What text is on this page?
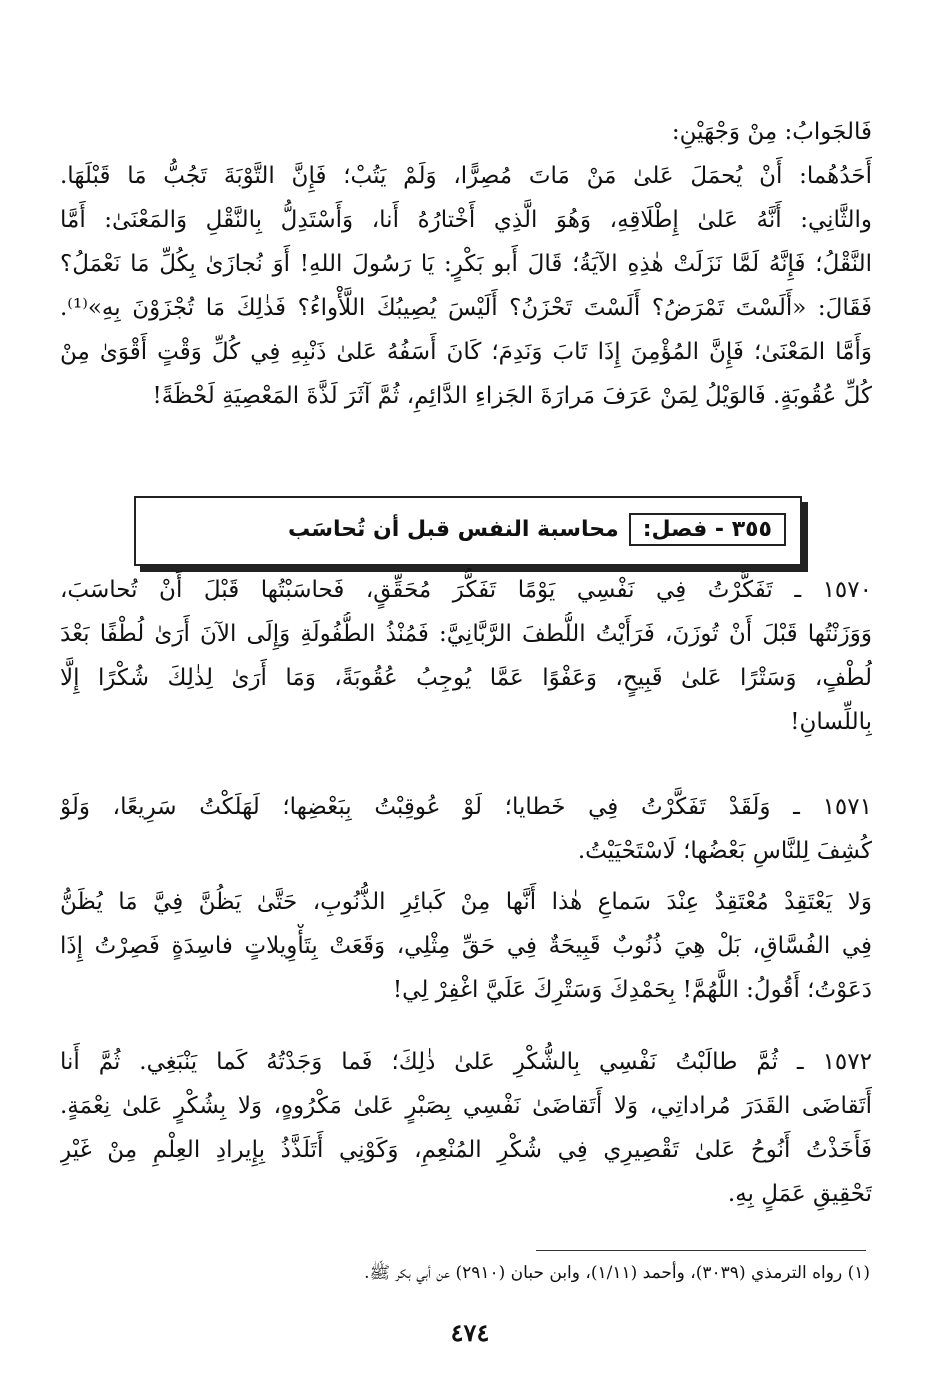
فَالجَوابُ: مِنْ وَجْهَيْنِ:
أَحَدُهُما: أَنْ يُحمَلَ عَلىٰ مَنْ مَاتَ مُصِرًّا، وَلَمْ يَتُبْ؛ فَإِنَّ التَّوْبَةَ تَجُبُّ مَا قَبْلَهَا.
والثَّانِي: أَنَّهُ عَلىٰ إِطْلَاقِهِ، وَهُوَ الَّذِي أَخْتارُهُ أَنا، وَأَسْتَدِلُّ بِالنَّقْلِ وَالمَعْنَىٰ: أَمَّا
النَّقْلُ؛ فَإِنَّهُ لَمَّا نَزَلَتْ هٰذِهِ الآيَةُ؛ قَالَ أَبو بَكْرٍ: يَا رَسُولَ اللهِ! أَوَ نُجازَىٰ بِكُلِّ مَا نَعْمَلُ؟
فَقَالَ: «أَلَسْتَ تَمْرَضُ؟ أَلَسْتَ تَحْزَنُ؟ أَلَيْسَ يُصِيبُكَ اللَّأْواءُ؟ فَذٰلِكَ مَا تُجْزَوْنَ بِهِ»⁽¹⁾.
وَأَمَّا المَعْنَىٰ؛ فَإِنَّ المُؤْمِنَ إِذَا تَابَ وَنَدِمَ؛ كَانَ أَسَفُهُ عَلىٰ ذَنْبِهِ فِي كُلِّ وَقْتٍ أَقْوَىٰ مِنْ
كُلِّ عُقُوبَةٍ. فَالوَيْلُ لِمَنْ عَرَفَ مَرارَةَ الجَزاءِ الدَّائِمِ، ثُمَّ آثَرَ لَذَّةَ المَعْصِيَةِ لَحْظَةً!
محاسبة النفس قبل أن تُحاسَب	٣٥٥ - فصل:
١٥٧٠ ـ تَفَكَّرْتُ فِي نَفْسِي يَوْمًا تَفَكُّرَ مُحَقِّقٍ، فَحاسَبْتُها قَبْلَ أَنْ تُحاسَبَ،
وَوَزَنْتُها قَبْلَ أَنْ تُوزَنَ، فَرَأَيْتُ اللُّطفَ الرَّبَّانِيَّ: فَمُنْذُ الطُّفُولَةِ وَإِلَى الآنَ أَرَىٰ لُطْفًا بَعْدَ
لُطْفٍ، وَسَتْرًا عَلىٰ قَبِيحٍ، وَعَفْوًا عَمَّا يُوجِبُ عُقُوبَةً، وَمَا أَرَىٰ لِذٰلِكَ شُكْرًا إِلَّا
بِاللِّسانِ!
١٥٧١ ـ وَلَقَدْ تَفَكَّرْتُ فِي خَطايا؛ لَوْ عُوقِبْتُ بِبَعْضِها؛ لَهَلَكْتُ سَرِيعًا، وَلَوْ
كُشِفَ لِلنَّاسِ بَعْضُها؛ لَاسْتَحْيَيْتُ.
وَلا يَعْتَقِدْ مُعْتَقِدٌ عِنْدَ سَماعِ هٰذا أَنَّها مِنْ كَبائِرِ الذُّنُوبِ، حَتَّىٰ يَظُنَّ فِيَّ مَا يُظَنُّ
فِي الفُسَّاقِ، بَلْ هِيَ ذُنُوبٌ قَبِيحَةٌ فِي حَقِّ مِثْلِي، وَقَعَتْ بِتَأْوِيلاتٍ فاسِدَةٍ فَصِرْتُ إِذَا
دَعَوْتُ؛ أَقُولُ: اللَّهُمَّ! بِحَمْدِكَ وَسَتْرِكَ عَلَيَّ اغْفِرْ لِي!
١٥٧٢ ـ ثُمَّ طالَبْتُ نَفْسِي بِالشُّكْرِ عَلىٰ ذٰلِكَ؛ فَما وَجَدْتُهُ كَما يَنْبَغِي. ثُمَّ أَنا
أَتَقاضَى القَدَرَ مُراداتِي، وَلا أَتَقاضَىٰ نَفْسِي بِصَبْرٍ عَلىٰ مَكْرُوهٍ، وَلا بِشُكْرٍ عَلىٰ نِعْمَةٍ.
فَأَخَذْتُ أَنُوحُ عَلىٰ تَقْصِيرِي فِي شُكْرِ المُنْعِمِ، وَكَوْنِي أَتَلَذَّذُ بِإِيرادِ العِلْمِ مِنْ غَيْرِ
تَحْقِيقِ عَمَلٍ بِهِ.
(١) رواه الترمذي (٣٠٣٩)، وأحمد (١/١١)، وابن حبان (٢٩١٠) عن أبي بكر ﷺ.
٤٧٤
